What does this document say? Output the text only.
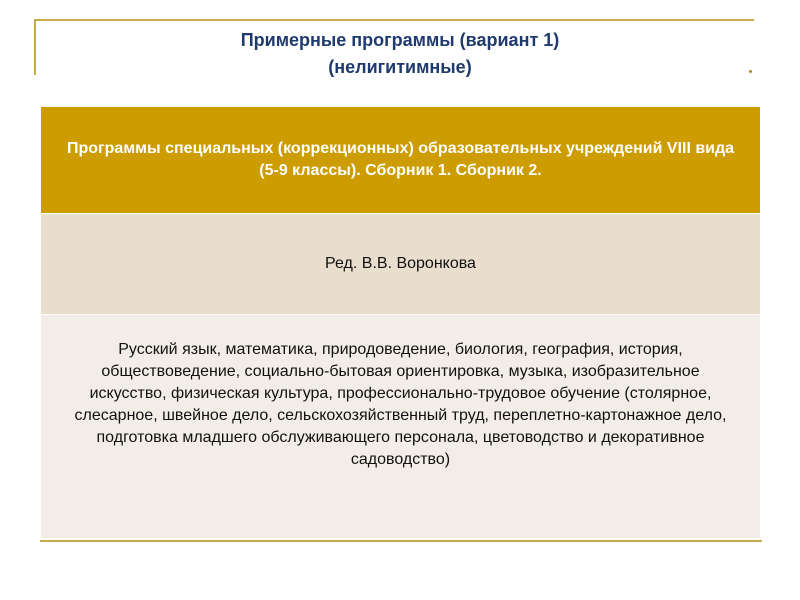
Примерные программы (вариант 1)
(нелигитимные)

Программы специальных (коррекционных) образовательных учреждений VIII вида (5-9 классы). Сборник 1. Сборник 2.

Ред. В.В. Воронкова

Русский язык, математика, природоведение, биология, география, история, обществоведение, социально-бытовая ориентировка, музыка, изобразительное искусство, физическая культура, профессионально-трудовое обучение (столярное, слесарное, швейное дело, сельскохозяйственный труд, переплетно-картонажное дело, подготовка младшего обслуживающего персонала, цветоводство и декоративное садоводство)
